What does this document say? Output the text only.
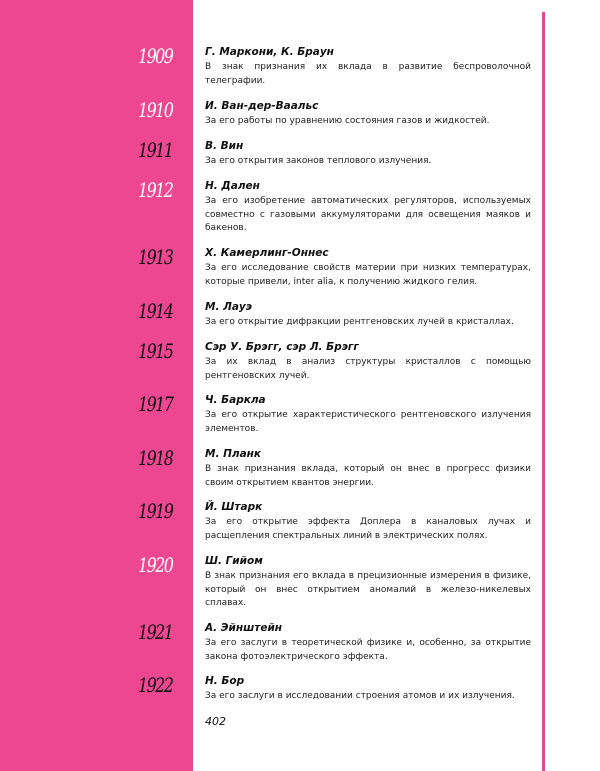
1909	Г. Маркони, К. Браун
В знак признания их вклада в развитие беспроволочной телеграфии.
1910	И. Ван-дер-Ваальс
За его работы по уравнению состояния газов и жидкостей.
1911	В. Вин
За его открытия законов теплового излучения.
1912	Н. Дален
За его изобретение автоматических регуляторов, используемых совместно с газовыми аккумуляторами для освещения маяков и бакенов.
1913	Х. Камерлинг-Оннес
За его исследование свойств материи при низких температурах, которые привели, inter alia, к получению жидкого гелия.
1914	М. Лауэ
За его открытие дифракции рентгеновских лучей в кристаллах.
1915	Сэр У. Брэгг, сэр Л. Брэгг
За их вклад в анализ структуры кристаллов с помощью рентгеновских лучей.
1917	Ч. Баркла
За его открытие характеристического рентгеновского излучения элементов.
1918	М. Планк
В знак признания вклада, который он внес в прогресс физики своим открытием квантов энергии.
1919	Й. Штарк
За его открытие эффекта Доплера в каналовых лучах и расщепления спектральных линий в электрических полях.
1920	Ш. Гийом
В знак признания его вклада в прецизионные измерения в физике, который он внес открытием аномалий в железо-никелевых сплавах.
1921	А. Эйнштейн
За его заслуги в теоретической физике и, особенно, за открытие закона фотоэлектрического эффекта.
1922	Н. Бор
За его заслуги в исследовании строения атомов и их излучения.
402
